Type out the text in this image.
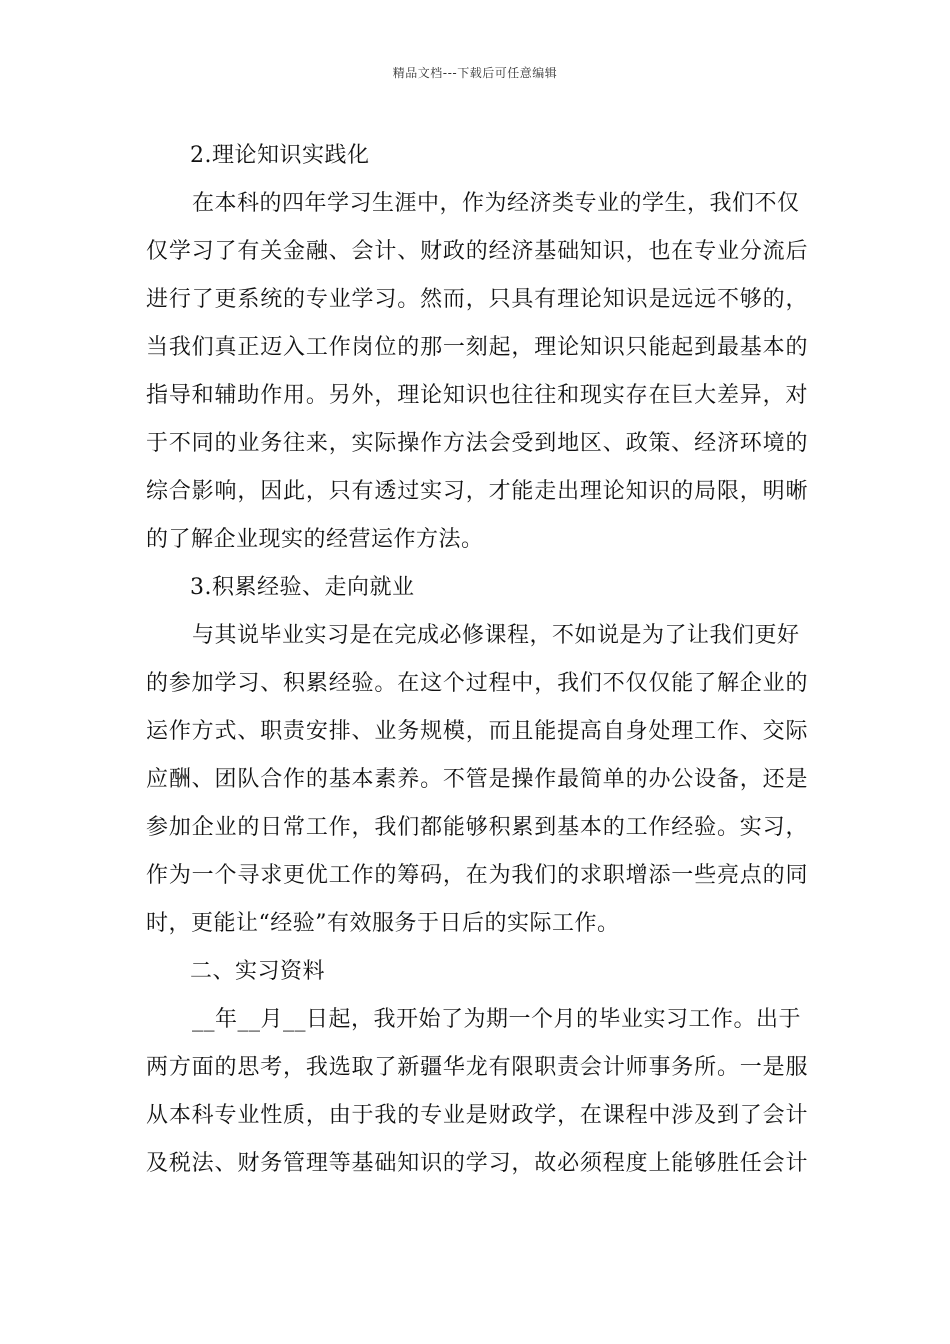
精品文档---下载后可任意编辑
2.理论知识实践化
在本科的四年学习生涯中，作为经济类专业的学生，我们不仅
仅学习了有关金融、会计、财政的经济基础知识，也在专业分流后
进行了更系统的专业学习。然而，只具有理论知识是远远不够的，
当我们真正迈入工作岗位的那一刻起，理论知识只能起到最基本的
指导和辅助作用。另外，理论知识也往往和现实存在巨大差异，对
于不同的业务往来，实际操作方法会受到地区、政策、经济环境的
综合影响，因此，只有透过实习，才能走出理论知识的局限，明晰
的了解企业现实的经营运作方法。
3.积累经验、走向就业
与其说毕业实习是在完成必修课程，不如说是为了让我们更好
的参加学习、积累经验。在这个过程中，我们不仅仅能了解企业的
运作方式、职责安排、业务规模，而且能提高自身处理工作、交际
应酬、团队合作的基本素养。不管是操作最简单的办公设备，还是
参加企业的日常工作，我们都能够积累到基本的工作经验。实习，
作为一个寻求更优工作的筹码，在为我们的求职增添一些亮点的同
时，更能让“经验”有效服务于日后的实际工作。
二、实习资料
__年__月__日起，我开始了为期一个月的毕业实习工作。出于
两方面的思考，我选取了新疆华龙有限职责会计师事务所。一是服
从本科专业性质，由于我的专业是财政学，在课程中涉及到了会计
及税法、财务管理等基础知识的学习，故必须程度上能够胜任会计
